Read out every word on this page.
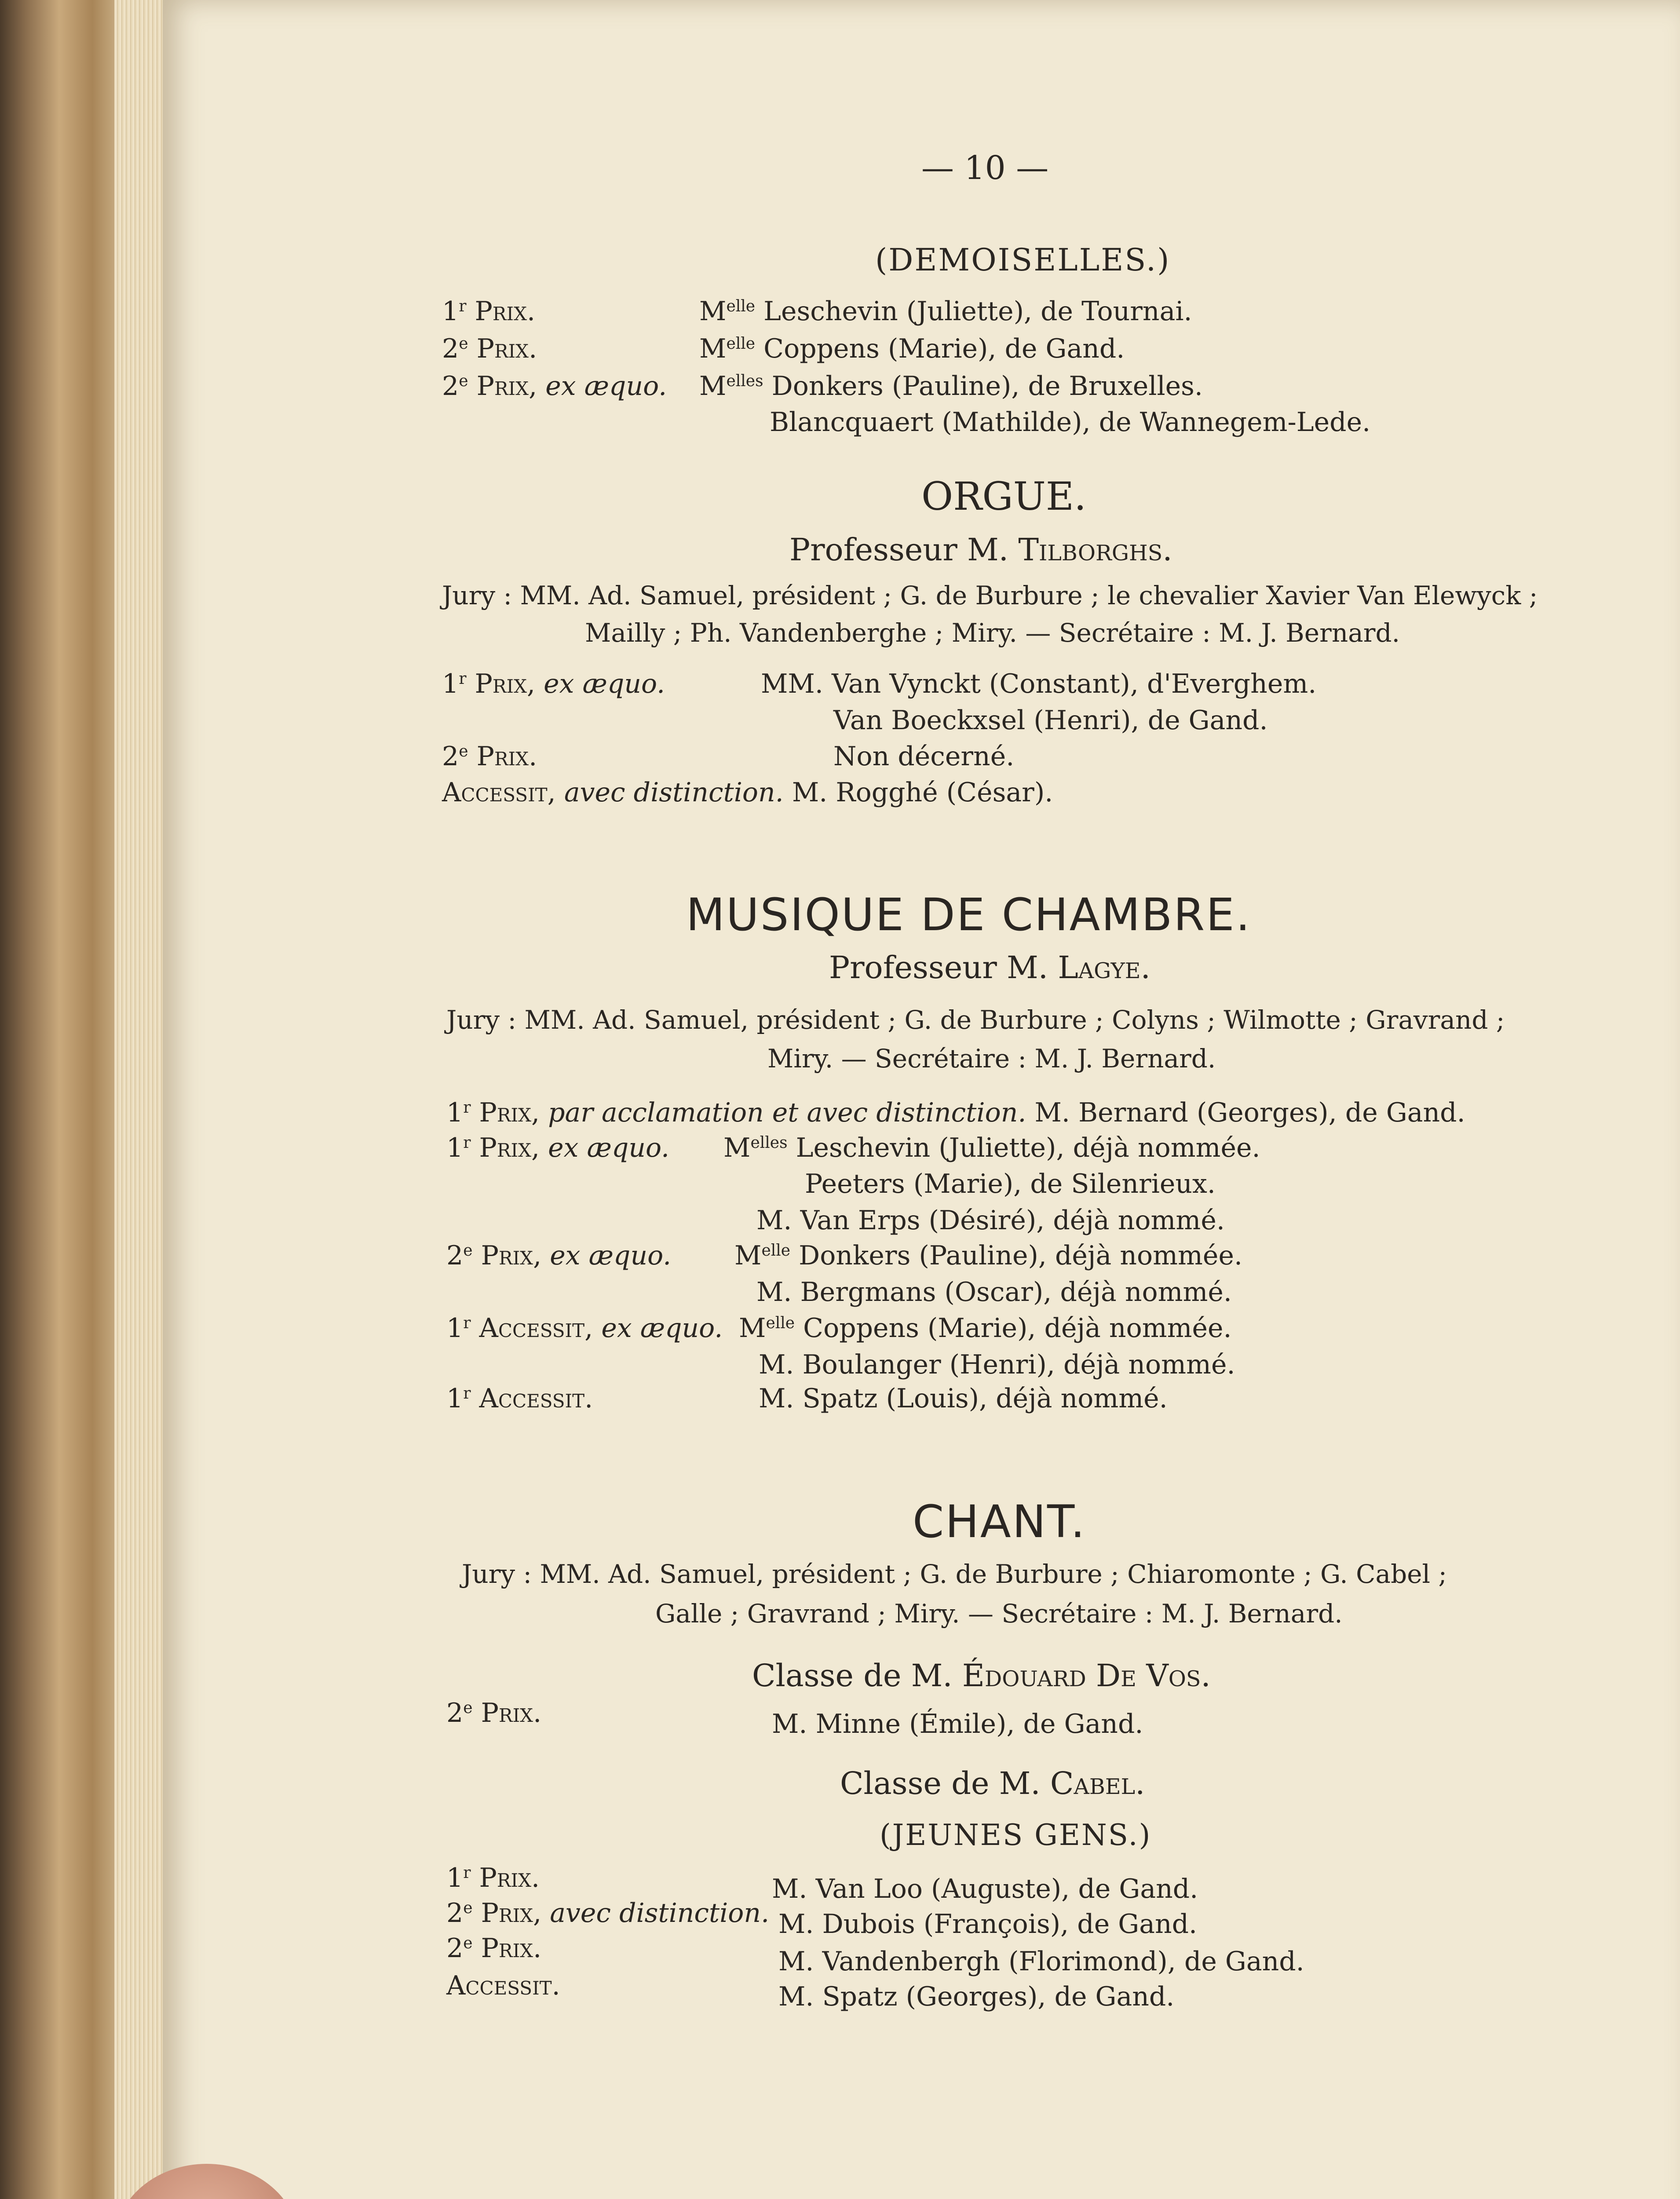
— 10 —
(DEMOISELLES.)
1$^r$ Prix.	$M^{elle}$ Leschevin (Juliette), de Tournai.
2e Prix.	$M^{elle}$ Coppens (Marie), de Gand.
2e Prix, ex æquo. $M^{elles}$ Donkers (Pauline), de Bruxelles.
Blancquaert (Mathilde), de Wannegem-Lede.
ORGUE.
Professeur M. Tilborghs.
Jury : MM. Ad. Samuel, président ; G. de Burbure ; le chevalier Xavier Van Elewyck ;
Mailly ; Ph. Vandenberghe ; Miry. — Secrétaire : M. J. Bernard.
1$^r$ Prix, ex æquo.	MM. Van Vynckt (Constant), d'Everghem.
Van Boeckxsel (Henri), de Gand.
2e Prix.	Non décerné.
Accessit, avec distinction. M. Rogghé (César).
MUSIQUE DE CHAMBRE.
Professeur M. Lagye.
Jury : MM. Ad. Samuel, président ; G. de Burbure ; Colyns ; Wilmotte ; Gravrand ;
Miry. — Secrétaire : M. J. Bernard.
1$^r$ Prix, par acclamation et avec distinction. M. Bernard (Georges), de Gand.
1$^r$ Prix, ex æquo. $M^{elles}$ Leschevin (Juliette), déjà nommée.
Peeters (Marie), de Silenrieux.
M. Van Erps (Désiré), déjà nommé.
2e Prix, ex æquo. $M^{elle}$ Donkers (Pauline), déjà nommée.
M. Bergmans (Oscar), déjà nommé.
1$^r$ Accessit, ex æquo. $M^{elle}$ Coppens (Marie), déjà nommée.
M. Boulanger (Henri), déjà nommé.
1$^r$ Accessit.	M. Spatz (Louis), déjà nommé.
CHANT.
Jury : MM. Ad. Samuel, président ; G. de Burbure ; Chiaromonte ; G. Cabel ;
Galle ; Gravrand ; Miry. — Secrétaire : M. J. Bernard.
Classe de M. Édouard De Vos.
2e Prix.	M. Minne (Émile), de Gand.
Classe de M. Cabel.
(JEUNES GENS.)
1$^r$ Prix.	M. Van Loo (Auguste), de Gand.
2e Prix, avec distinction. M. Dubois (François), de Gand.
2e Prix.	M. Vandenbergh (Florimond), de Gand.
Accessit.	M. Spatz (Georges), de Gand.
